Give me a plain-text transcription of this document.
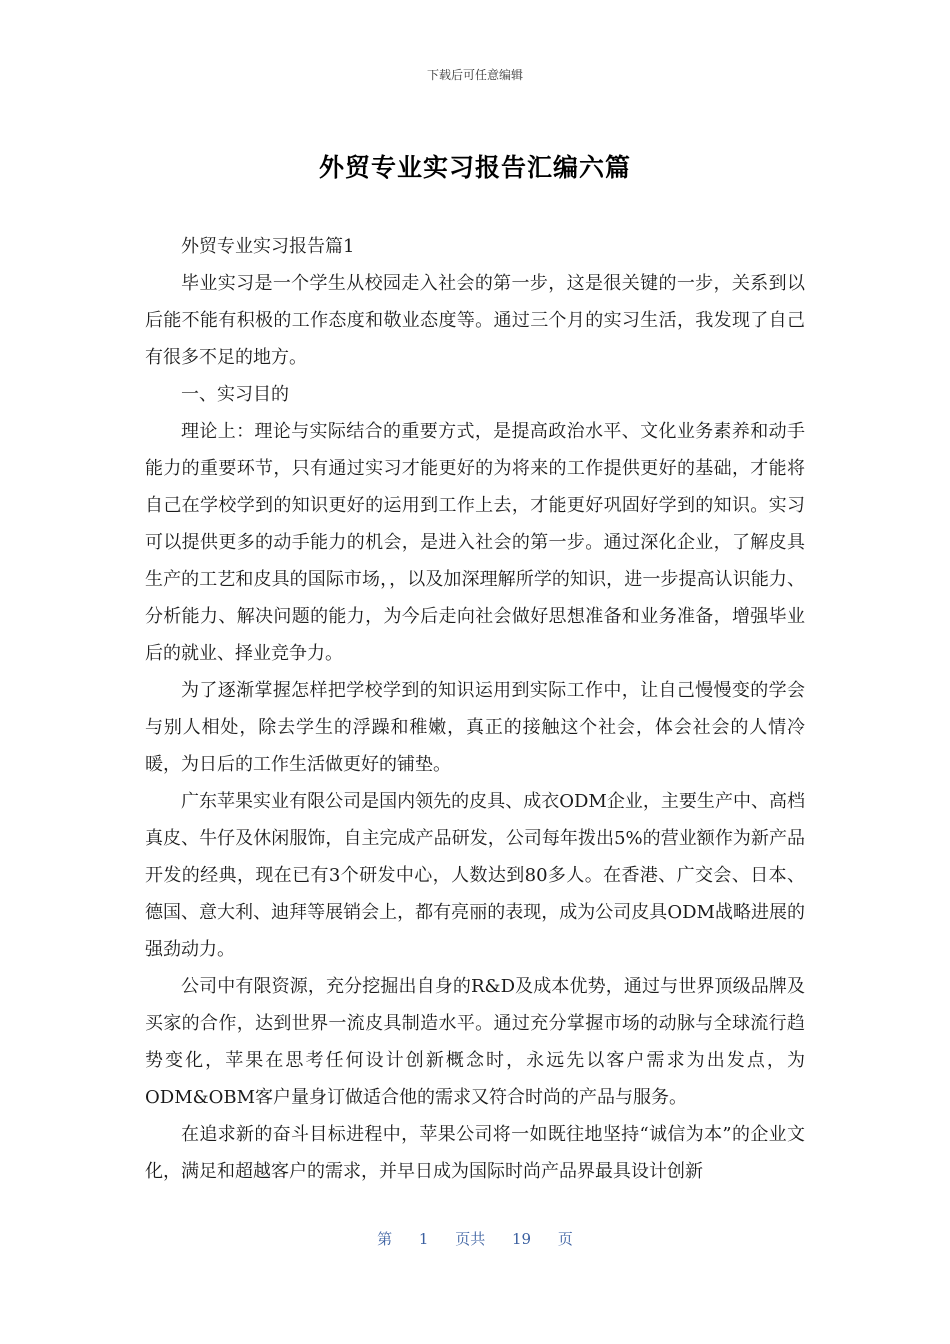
下载后可任意编辑
外贸专业实习报告汇编六篇

外贸专业实习报告篇1

毕业实习是一个学生从校园走入社会的第一步，这是很关键的一步，关系到以后能不能有积极的工作态度和敬业态度等。通过三个月的实习生活，我发现了自己有很多不足的地方。

一、实习目的

理论上：理论与实际结合的重要方式，是提高政治水平、文化业务素养和动手能力的重要环节，只有通过实习才能更好的为将来的工作提供更好的基础，才能将自己在学校学到的知识更好的运用到工作上去，才能更好巩固好学到的知识。实习可以提供更多的动手能力的机会，是进入社会的第一步。通过深化企业，了解皮具生产的工艺和皮具的国际市场，，以及加深理解所学的知识，进一步提高认识能力、分析能力、解决问题的能力，为今后走向社会做好思想准备和业务准备，增强毕业后的就业、择业竞争力。

为了逐渐掌握怎样把学校学到的知识运用到实际工作中，让自己慢慢变的学会与别人相处，除去学生的浮躁和稚嫩，真正的接触这个社会，体会社会的人情冷暖，为日后的工作生活做更好的铺垫。

广东苹果实业有限公司是国内领先的皮具、成衣ODM企业，主要生产中、高档真皮、牛仔及休闲服饰，自主完成产品研发，公司每年拨出5%的营业额作为新产品开发的经典，现在已有3个研发中心，人数达到80多人。在香港、广交会、日本、德国、意大利、迪拜等展销会上，都有亮丽的表现，成为公司皮具ODM战略进展的强劲动力。

公司中有限资源，充分挖掘出自身的R&D及成本优势，通过与世界顶级品牌及买家的合作，达到世界一流皮具制造水平。通过充分掌握市场的动脉与全球流行趋势变化，苹果在思考任何设计创新概念时，永远先以客户需求为出发点，为ODM&OBM客户量身订做适合他的需求又符合时尚的产品与服务。

在追求新的奋斗目标进程中，苹果公司将一如既往地坚持“诚信为本”的企业文化，满足和超越客户的需求，并早日成为国际时尚产品界最具设计创新

第 1 页共 19 页
